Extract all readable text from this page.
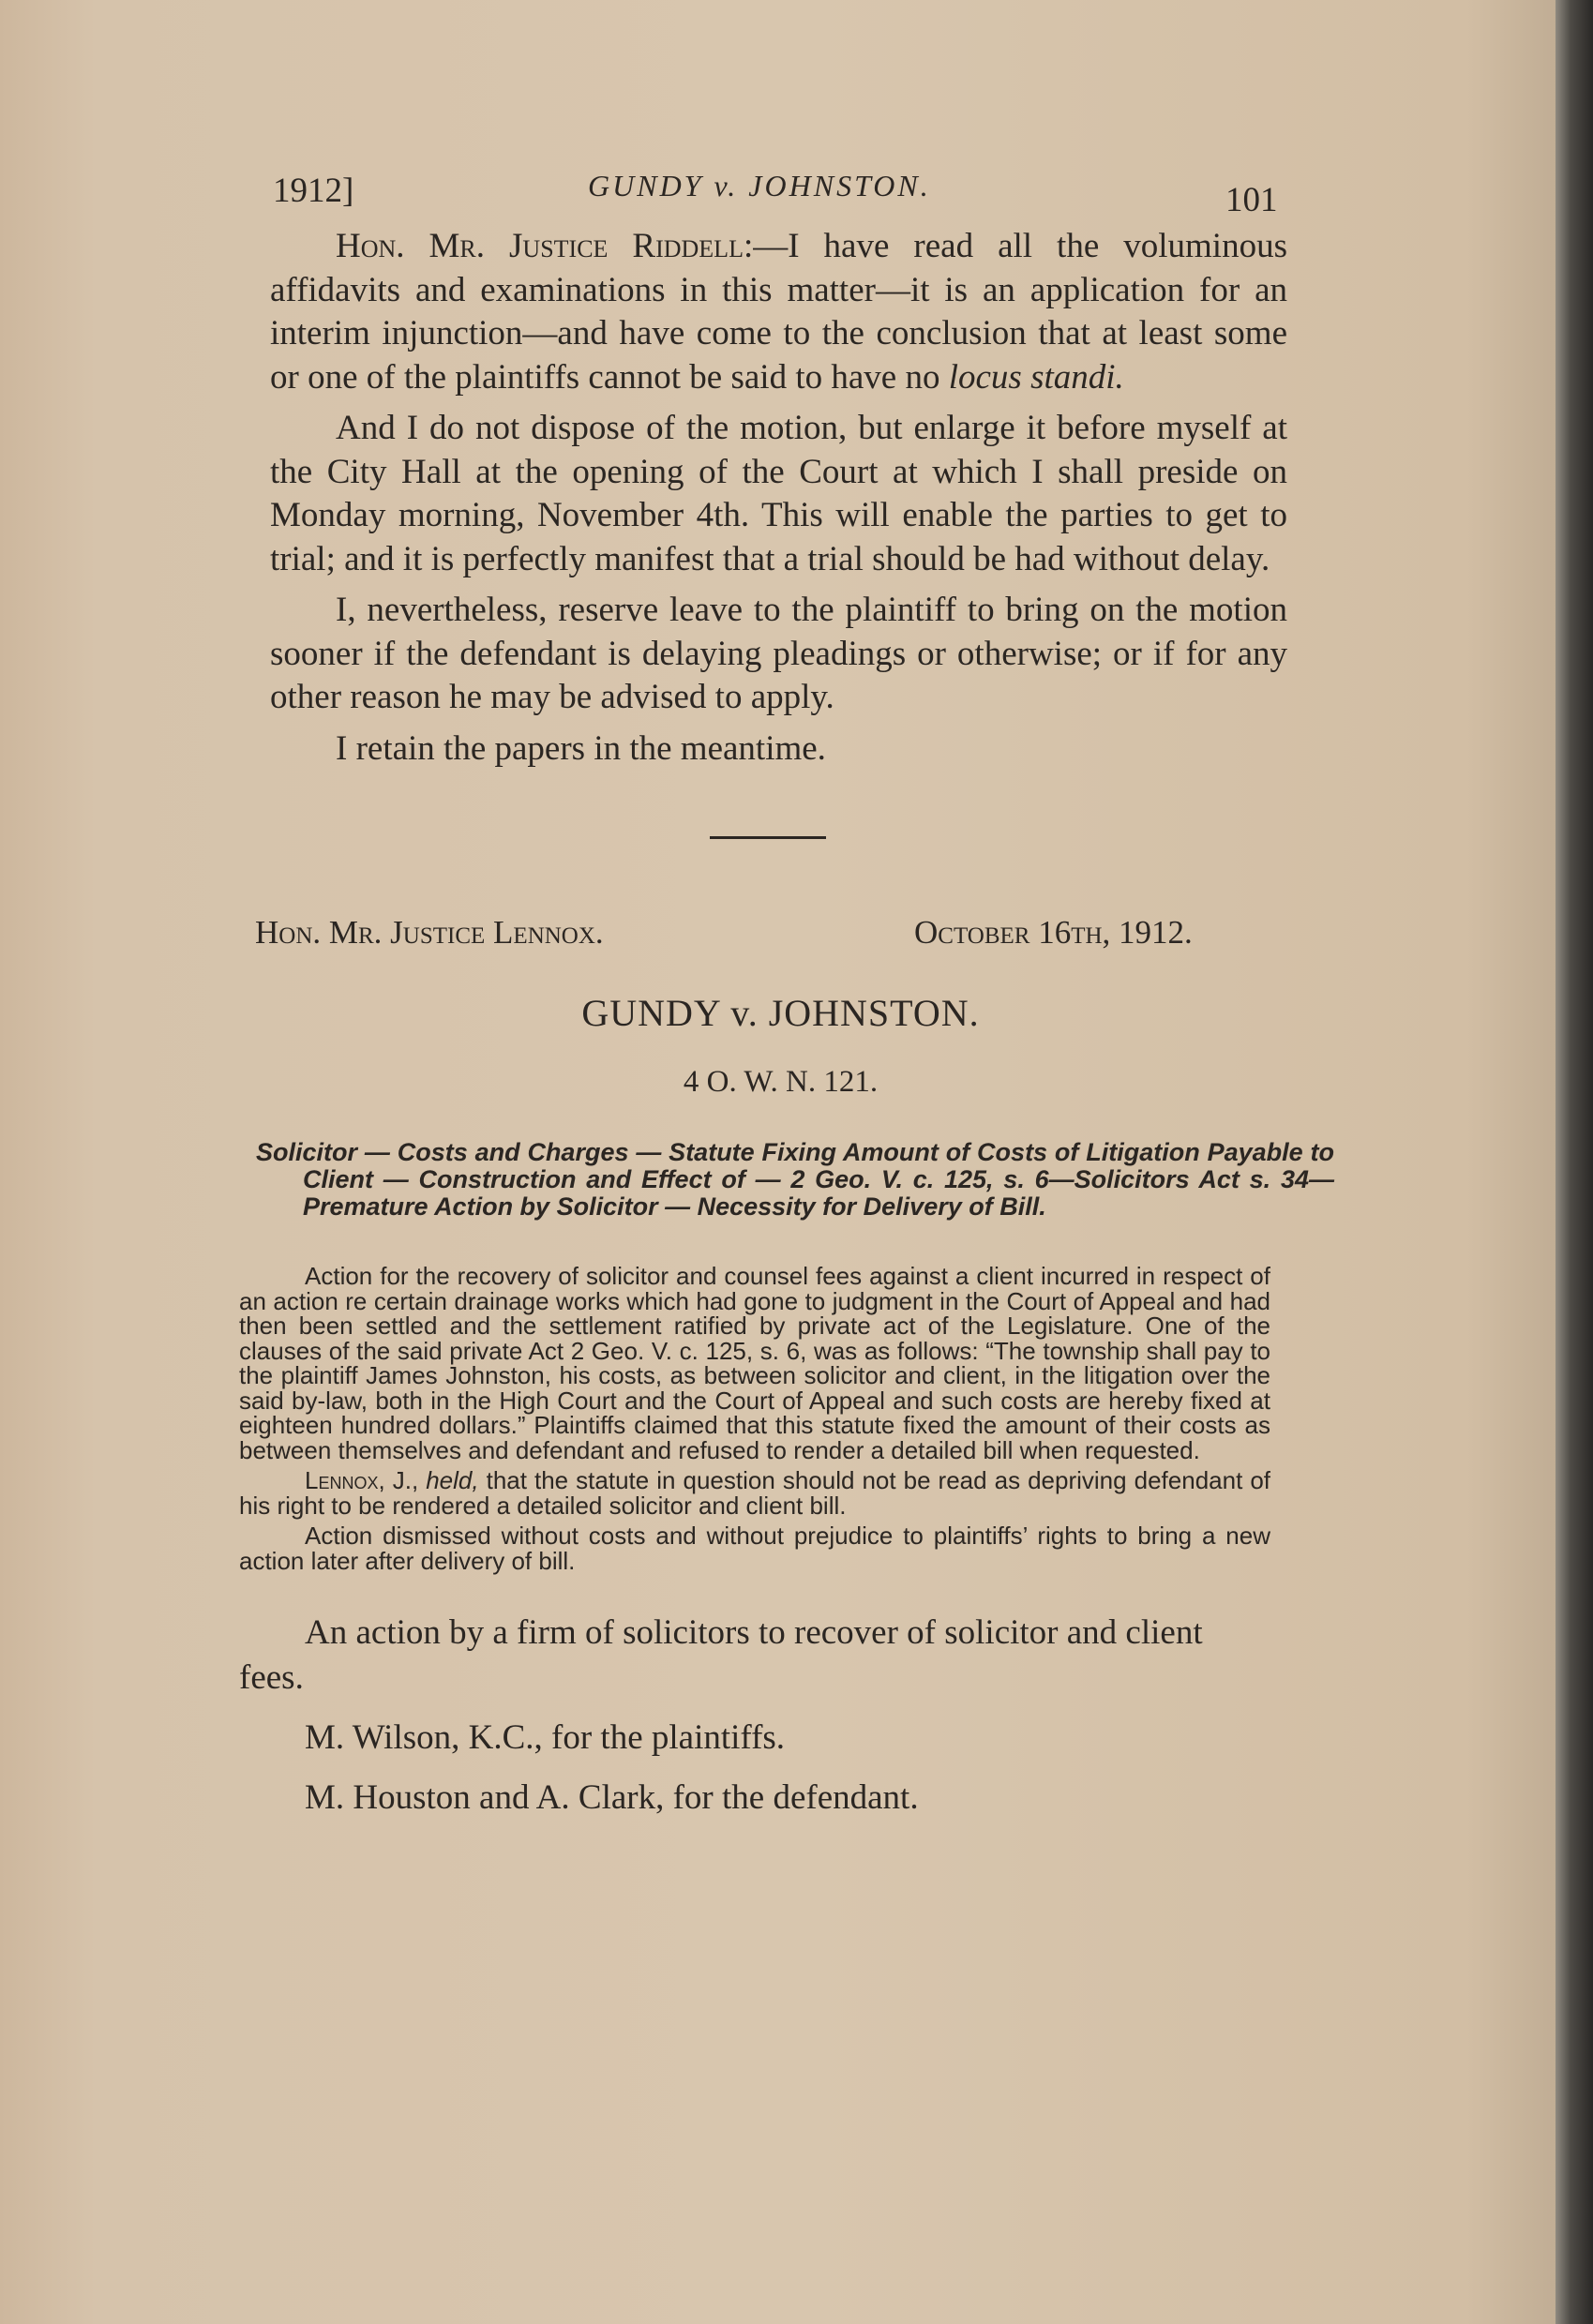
1912]	GUNDY v. JOHNSTON.	101

Hon. Mr. Justice Riddell:—I have read all the voluminous affidavits and examinations in this matter—it is an application for an interim injunction—and have come to the conclusion that at least some or one of the plaintiffs cannot be said to have no locus standi.

And I do not dispose of the motion, but enlarge it before myself at the City Hall at the opening of the Court at which I shall preside on Monday morning, November 4th. This will enable the parties to get to trial; and it is perfectly manifest that a trial should be had without delay.

I, nevertheless, reserve leave to the plaintiff to bring on the motion sooner if the defendant is delaying pleadings or otherwise; or if for any other reason he may be advised to apply.

I retain the papers in the meantime.

Hon. Mr. Justice Lennox.	October 16th, 1912.
GUNDY v. JOHNSTON.
4 O. W. N. 121.
Solicitor — Costs and Charges — Statute Fixing Amount of Costs of Litigation Payable to Client — Construction and Effect of — 2 Geo. V. c. 125, s. 6—Solicitors Act s. 34—Premature Action by Solicitor — Necessity for Delivery of Bill.

Action for the recovery of solicitor and counsel fees against a client incurred in respect of an action re certain drainage works which had gone to judgment in the Court of Appeal and had then been settled and the settlement ratified by private act of the Legislature. One of the clauses of the said private Act 2 Geo. V. c. 125, s. 6, was as follows: “The township shall pay to the plaintiff James Johnston, his costs, as between solicitor and client, in the litigation over the said by-law, both in the High Court and the Court of Appeal and such costs are hereby fixed at eighteen hundred dollars.” Plaintiffs claimed that this statute fixed the amount of their costs as between themselves and defendant and refused to render a detailed bill when requested.

Lennox, J., held, that the statute in question should not be read as depriving defendant of his right to be rendered a detailed solicitor and client bill.

Action dismissed without costs and without prejudice to plaintiffs’ rights to bring a new action later after delivery of bill.

An action by a firm of solicitors to recover of solicitor and client fees.

M. Wilson, K.C., for the plaintiffs.

M. Houston and A. Clark, for the defendant.
